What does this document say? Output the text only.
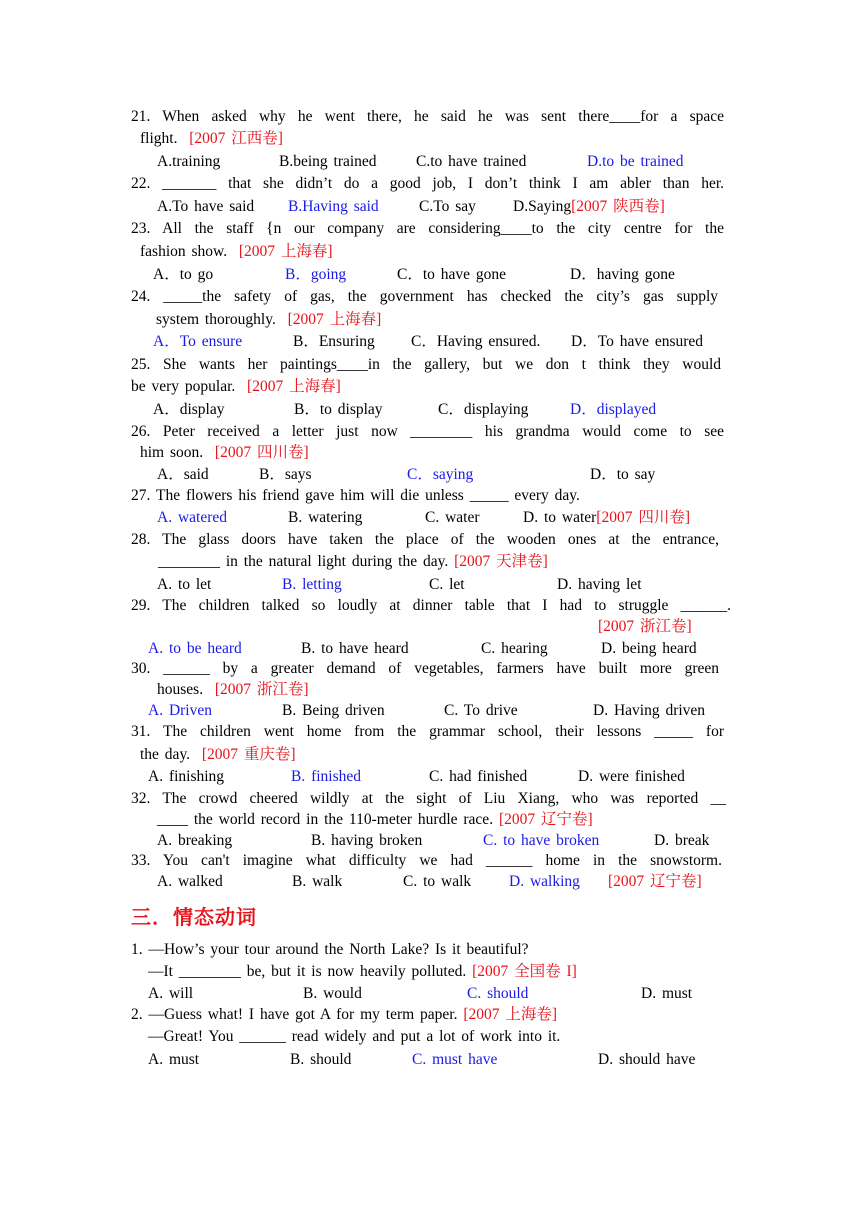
21. When asked why he went there, he said he was sent there____for a space
flight. [2007 江西卷]
A.training	B.being trained	C.to have trained	D.to be trained
22. _______ that she didn’t do a good job, I don’t think I am abler than her.
A.To have said B.Having said	C.To say D.Saying[2007 陕西卷]
23. All the staff {n our company are considering____to the city centre for the
fashion show. [2007 上海春]
A．to go	B．going	C．to have gone	D．having gone
24. _____the safety of gas, the government has checked the city’s gas supply
system thoroughly. [2007 上海春]
A．To ensure	B．Ensuring C．Having ensured. D．To have ensured
25. She wants her paintings____in the gallery, but we don t think they would
be very popular. [2007 上海春]
A．display	B．to display	C．displaying	D．displayed
26. Peter received a letter just now ________ his grandma would come to see
him soon. [2007 四川卷]
A．said	B．says	C．saying	D．to say
27. The flowers his friend gave him will die unless _____ every day.
A. watered	B. watering	C. water	D. to water[2007 四川卷]
28. The glass doors have taken the place of the wooden ones at the entrance,
________ in the natural light during the day. [2007 天津卷]
A. to let	B. letting	C. let	D. having let
29. The children talked so loudly at dinner table that I had to struggle ______.
[2007 浙江卷]
A. to be heard	B. to have heard	C. hearing	D. being heard
30. ______ by a greater demand of vegetables, farmers have built more green
houses. [2007 浙江卷]
A. Driven	B. Being driven	C. To drive	D. Having driven
31. The children went home from the grammar school, their lessons _____ for
the day. [2007 重庆卷]
A. finishing	B. finished	C. had finished	D. were finished
32. The crowd cheered wildly at the sight of Liu Xiang, who was reported __
____ the world record in the 110-meter hurdle race. [2007 辽宁卷]
A. breaking	B. having broken	C. to have broken	D. break
33. You can't imagine what difficulty we had ______ home in the snowstorm.
A. walked	B. walk	C. to walk D. walking [2007 辽宁卷]
三．情态动词
1. —How’s your tour around the North Lake? Is it beautiful?
—It ________ be, but it is now heavily polluted. [2007 全国卷 I]
A. will	B. would	C. should	D. must
2. —Guess what! I have got A for my term paper. [2007 上海卷]
—Great! You ______ read widely and put a lot of work into it.
A. must	B. should	C. must have	D. should have
